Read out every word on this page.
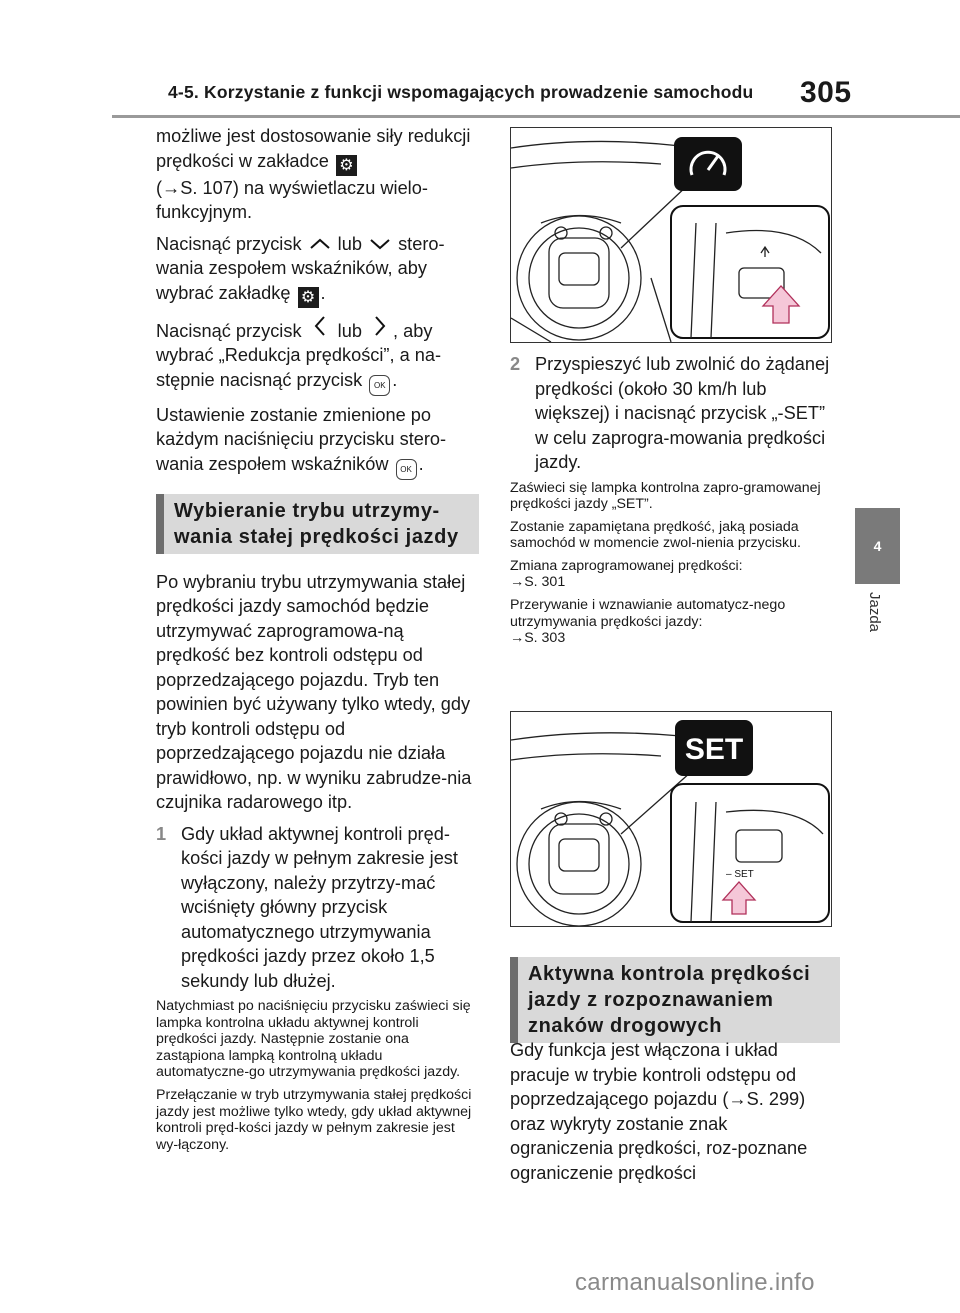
4-5. Korzystanie z funkcji wspomagających prowadzenie samochodu 305
4
Jazda

możliwe jest dostosowanie siły redukcji prędkości w zakładce ⚙
(→S. 107) na wyświetlaczu wielo-funkcyjnym.

Nacisnąć przycisk lub stero-wania zespołem wskaźników, aby wybrać zakładkę ⚙ .

Nacisnąć przycisk lub , aby wybrać „Redukcja prędkości”, a na-stępnie nacisnąć przycisk OK .

Ustawienie zostanie zmienione po każdym naciśnięciu przycisku stero-wania zespołem wskaźników OK .

Wybieranie trybu utrzymy-wania stałej prędkości jazdy

Po wybraniu trybu utrzymywania stałej prędkości jazdy samochód będzie utrzymywać zaprogramowa-ną prędkość bez kontroli odstępu od poprzedzającego pojazdu. Tryb ten powinien być używany tylko wtedy, gdy tryb kontroli odstępu od poprzedzającego pojazdu nie działa prawidłowo, np. w wyniku zabrudze-nia czujnika radarowego itp.

1 Gdy układ aktywnej kontroli pręd-kości jazdy w pełnym zakresie jest wyłączony, należy przytrzy-mać wciśnięty główny przycisk automatycznego utrzymywania prędkości jazdy przez około 1,5 sekundy lub dłużej.

Natychmiast po naciśnięciu przycisku zaświeci się lampka kontrolna układu aktywnej kontroli prędkości jazdy. Następnie zostanie ona zastąpiona lampką kontrolną układu automatyczne-go utrzymywania prędkości jazdy.

Przełączanie w tryb utrzymywania stałej prędkości jazdy jest możliwe tylko wtedy, gdy układ aktywnej kontroli pręd-kości jazdy w pełnym zakresie jest wy-łączony.

2 Przyspieszyć lub zwolnić do żądanej prędkości (około 30 km/h lub większej) i nacisnąć przycisk „-SET” w celu zaprogra-mowania prędkości jazdy.

Zaświeci się lampka kontrolna zapro-gramowanej prędkości jazdy „SET”.

Zostanie zapamiętana prędkość, jaką posiada samochód w momencie zwol-nienia przycisku.

Zmiana zaprogramowanej prędkości:
→S. 301

Przerywanie i wznawianie automatycz-nego utrzymywania prędkości jazdy:
→S. 303

SET
– SET
Aktywna kontrola prędkości jazdy z rozpoznawaniem znaków drogowych

Gdy funkcja jest włączona i układ pracuje w trybie kontroli odstępu od poprzedzającego pojazdu (→S. 299) oraz wykryty zostanie znak ograniczenia prędkości, roz-poznane ograniczenie prędkości

carmanualsonline.info
